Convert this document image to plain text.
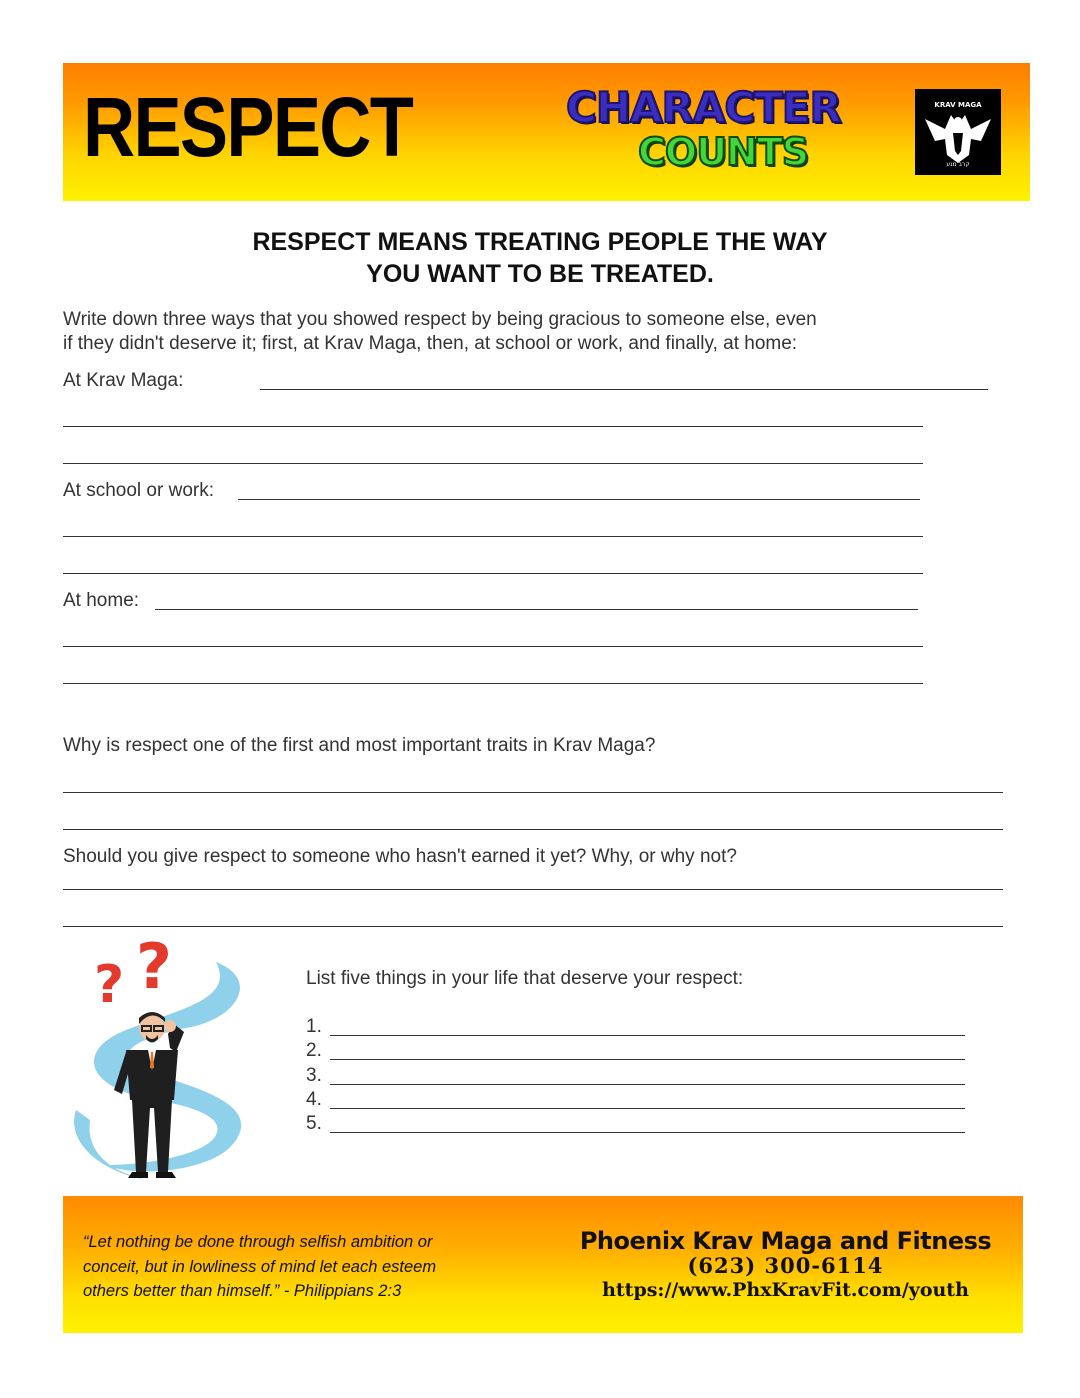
RESPECT	CHARACTER
COUNTS
KRAV MAGA
קרב מגע
RESPECT MEANS TREATING PEOPLE THE WAY
YOU WANT TO BE TREATED.
Write down three ways that you showed respect by being gracious to someone else, even
if they didn't deserve it; first, at Krav Maga, then, at school or work, and finally, at home:
At Krav Maga:
At school or work:
At home:
Why is respect one of the first and most important traits in Krav Maga?
Should you give respect to someone who hasn't earned it yet? Why, or why not?
? ?	List five things in your life that deserve your respect:
1.
2.
3.
4.
5.
“Let nothing be done through selfish ambition or
conceit, but in lowliness of mind let each esteem
others better than himself.” - Philippians 2:3
Phoenix Krav Maga and Fitness
(623) 300-6114
https://www.PhxKravFit.com/youth
